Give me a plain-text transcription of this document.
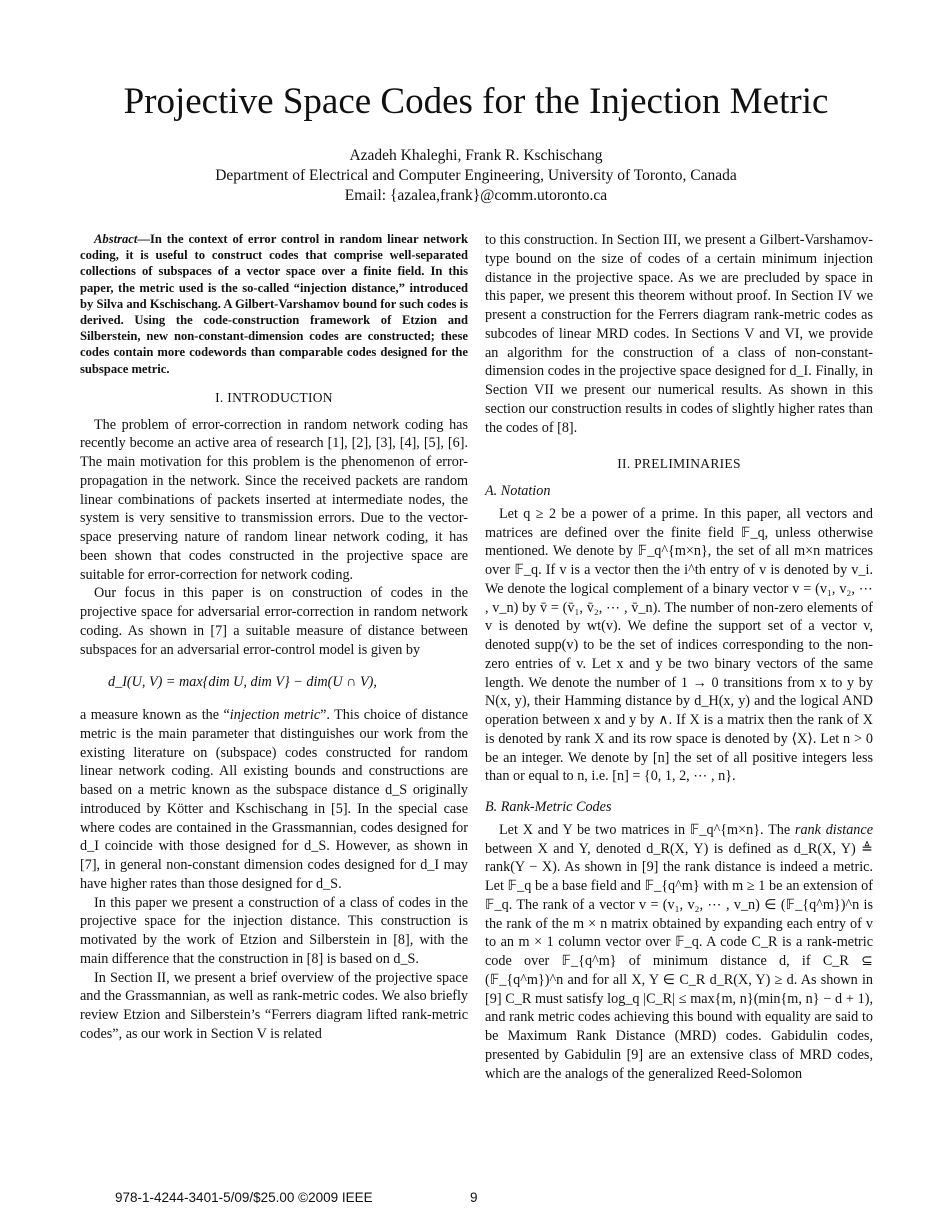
Projective Space Codes for the Injection Metric
Azadeh Khaleghi, Frank R. Kschischang
Department of Electrical and Computer Engineering, University of Toronto, Canada
Email: {azalea,frank}@comm.utoronto.ca

Abstract—In the context of error control in random linear network coding, it is useful to construct codes that comprise well-separated collections of subspaces of a vector space over a finite field. In this paper, the metric used is the so-called “injection distance,” introduced by Silva and Kschischang. A Gilbert-Varshamov bound for such codes is derived. Using the code-construction framework of Etzion and Silberstein, new non-constant-dimension codes are constructed; these codes contain more codewords than comparable codes designed for the subspace metric.

I. INTRODUCTION

The problem of error-correction in random network coding has recently become an active area of research [1], [2], [3], [4], [5], [6]. The main motivation for this problem is the phenomenon of error-propagation in the network. Since the received packets are random linear combinations of packets inserted at intermediate nodes, the system is very sensitive to transmission errors. Due to the vector-space preserving nature of random linear network coding, it has been shown that codes constructed in the projective space are suitable for error-correction for network coding.

Our focus in this paper is on construction of codes in the projective space for adversarial error-correction in random network coding. As shown in [7] a suitable measure of distance between subspaces for an adversarial error-control model is given by

d_I(U, V) = max{dim U, dim V} − dim(U ∩ V),

a measure known as the “injection metric”. This choice of distance metric is the main parameter that distinguishes our work from the existing literature on (subspace) codes constructed for random linear network coding. All existing bounds and constructions are based on a metric known as the subspace distance d_S originally introduced by Kötter and Kschischang in [5]. In the special case where codes are contained in the Grassmannian, codes designed for d_I coincide with those designed for d_S. However, as shown in [7], in general non-constant dimension codes designed for d_I may have higher rates than those designed for d_S.

In this paper we present a construction of a class of codes in the projective space for the injection distance. This construction is motivated by the work of Etzion and Silberstein in [8], with the main difference that the construction in [8] is based on d_S.

In Section II, we present a brief overview of the projective space and the Grassmannian, as well as rank-metric codes. We also briefly review Etzion and Silberstein’s “Ferrers diagram lifted rank-metric codes”, as our work in Section V is related

to this construction. In Section III, we present a Gilbert-Varshamov-type bound on the size of codes of a certain minimum injection distance in the projective space. As we are precluded by space in this paper, we present this theorem without proof. In Section IV we present a construction for the Ferrers diagram rank-metric codes as subcodes of linear MRD codes. In Sections V and VI, we provide an algorithm for the construction of a class of non-constant-dimension codes in the projective space designed for d_I. Finally, in Section VII we present our numerical results. As shown in this section our construction results in codes of slightly higher rates than the codes of [8].

II. PRELIMINARIES
A. Notation

Let q ≥ 2 be a power of a prime. In this paper, all vectors and matrices are defined over the finite field 𝔽_q, unless otherwise mentioned. We denote by 𝔽_q^{m×n}, the set of all m×n matrices over 𝔽_q. If v is a vector then the i^th entry of v is denoted by v_i. We denote the logical complement of a binary vector v = (v₁, v₂, ⋯ , v_n) by v̄ = (v̄₁, v̄₂, ⋯ , v̄_n). The number of non-zero elements of v is denoted by wt(v). We define the support set of a vector v, denoted supp(v) to be the set of indices corresponding to the non-zero entries of v. Let x and y be two binary vectors of the same length. We denote the number of 1 → 0 transitions from x to y by N(x, y), their Hamming distance by d_H(x, y) and the logical AND operation between x and y by ∧. If X is a matrix then the rank of X is denoted by rank X and its row space is denoted by ⟨X⟩. Let n > 0 be an integer. We denote by [n] the set of all positive integers less than or equal to n, i.e. [n] = {0, 1, 2, ⋯ , n}.

B. Rank-Metric Codes

Let X and Y be two matrices in 𝔽_q^{m×n}. The rank distance between X and Y, denoted d_R(X, Y) is defined as d_R(X, Y) ≜ rank(Y − X). As shown in [9] the rank distance is indeed a metric. Let 𝔽_q be a base field and 𝔽_{q^m} with m ≥ 1 be an extension of 𝔽_q. The rank of a vector v = (v₁, v₂, ⋯ , v_n) ∈ (𝔽_{q^m})^n is the rank of the m × n matrix obtained by expanding each entry of v to an m × 1 column vector over 𝔽_q. A code C_R is a rank-metric code over 𝔽_{q^m} of minimum distance d, if C_R ⊆ (𝔽_{q^m})^n and for all X, Y ∈ C_R d_R(X, Y) ≥ d. As shown in [9] C_R must satisfy log_q |C_R| ≤ max{m, n}(min{m, n} − d + 1), and rank metric codes achieving this bound with equality are said to be Maximum Rank Distance (MRD) codes. Gabidulin codes, presented by Gabidulin [9] are an extensive class of MRD codes, which are the analogs of the generalized Reed-Solomon

978-1-4244-3401-5/09/$25.00 ©2009 IEEE	9
